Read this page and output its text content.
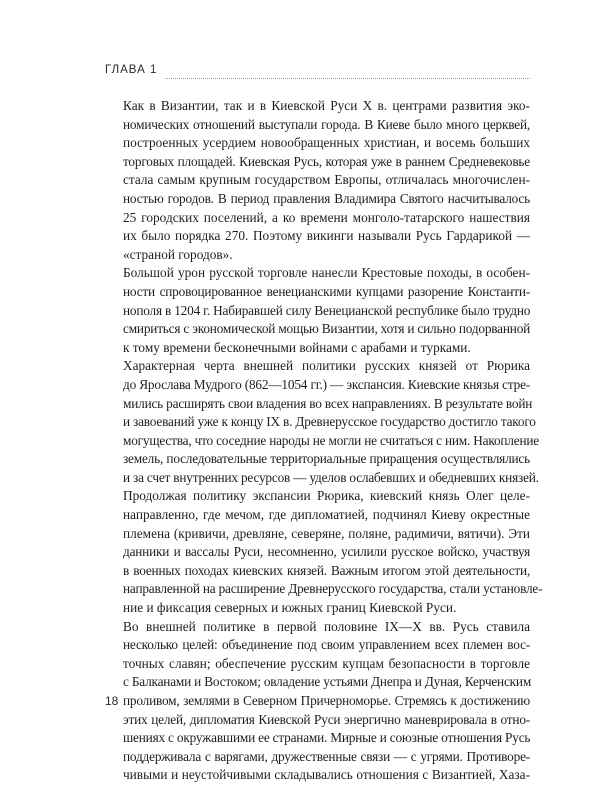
ГЛАВА 1
Как в Византии, так и в Киевской Руси X в. центрами развития эко-
номических отношений выступали города. В Киеве было много церквей,
построенных усердием новообращенных христиан, и восемь больших
торговых площадей. Киевская Русь, которая уже в раннем Средневековье
стала самым крупным государством Европы, отличалась многочислен-
ностью городов. В период правления Владимира Святого насчитывалось
25 городских поселений, а ко времени монголо-татарского нашествия
их было порядка 270. Поэтому викинги называли Русь Гардарикой —
«страной городов».
Большой урон русской торговле нанесли Крестовые походы, в особен-
ности спровоцированное венецианскими купцами разорение Константи-
нополя в 1204 г. Набиравшей силу Венецианской республике было трудно
смириться с экономической мощью Византии, хотя и сильно подорванной
к тому времени бесконечными войнами с арабами и турками.
Характерная черта внешней политики русских князей от Рюрика
до Ярослава Мудрого (862—1054 гг.) — экспансия. Киевские князья стре-
мились расширять свои владения во всех направлениях. В результате войн
и завоеваний уже к концу IX в. Древнерусское государство достигло такого
могущества, что соседние народы не могли не считаться с ним. Накопление
земель, последовательные территориальные приращения осуществлялись
и за счет внутренних ресурсов — уделов ослабевших и обедневших князей.
Продолжая политику экспансии Рюрика, киевский князь Олег целе-
направленно, где мечом, где дипломатией, подчинял Киеву окрестные
племена (кривичи, древляне, северяне, поляне, радимичи, вятичи). Эти
данники и вассалы Руси, несомненно, усилили русское войско, участвуя
в военных походах киевских князей. Важным итогом этой деятельности,
направленной на расширение Древнерусского государства, стали установле-
ние и фиксация северных и южных границ Киевской Руси.
Во внешней политике в первой половине IX—X вв. Русь ставила
несколько целей: объединение под своим управлением всех племен вос-
точных славян; обеспечение русским купцам безопасности в торговле
с Балканами и Востоком; овладение устьями Днепра и Дуная, Керченским
проливом, землями в Северном Причерноморье. Стремясь к достижению
этих целей, дипломатия Киевской Руси энергично маневрировала в отно-
шениях с окружавшими ее странами. Мирные и союзные отношения Русь
поддерживала с варягами, дружественные связи — с угрями. Противоре-
чивыми и неустойчивыми складывались отношения с Византией, Хаза-
18
